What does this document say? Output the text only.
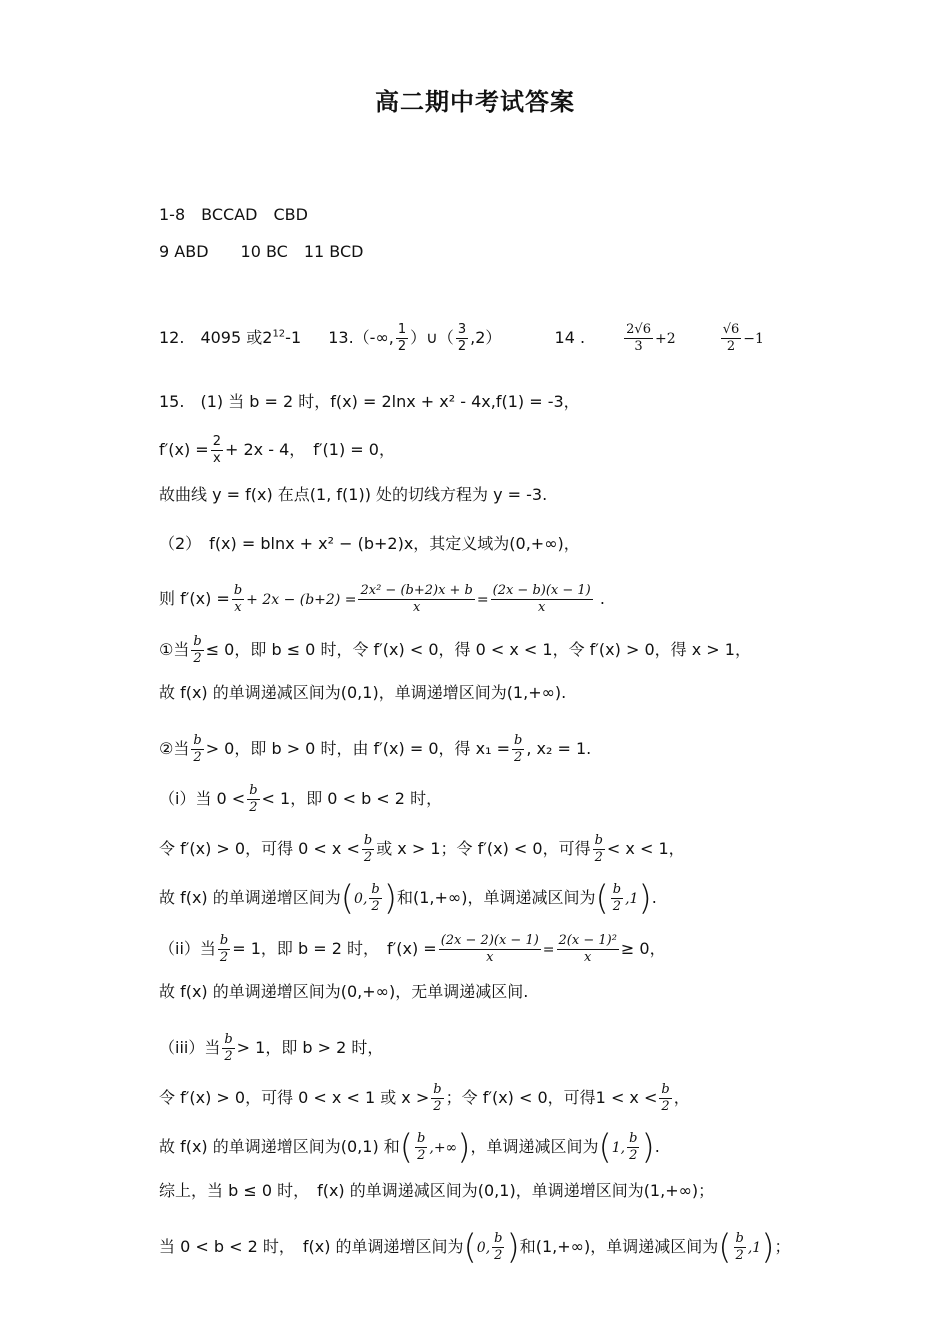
高二期中考试答案
1-8　BCCAD　CBD
9 ABD　　10 BC　11 BCD
12.　4095 或$2^{12}-1$ 13.（-∞, $\frac{1}{2}$ ）∪（ $\frac{3}{2} ,2$）	14 .	$\frac{2√6}{3} +2$	$\frac{√6}{2} -1$
15.　(1) 当 b = 2 时，f(x) = 2lnx + x² - 4x,f(1) = -3，
$f'(x) = \frac{2}{x} + 2x - 4$，　f′(1) = 0，
故曲线 y = f(x) 在点(1, f(1)) 处的切线方程为 y = -3.
（2）　f(x) = blnx + x² − (b+2)x，其定义域为(0,+∞)，
则 $f'(x) = \frac{b}{x} + 2x - (b+2) = \frac{\text{2x² − (b+2)x + b}}{x} = \frac{(2x - b)(x - 1)}{x}$ .
①当 $\frac{b}{2} \le 0$，即 b ≤ 0 时，令 f′(x) < 0，得 0 < x < 1，令 f′(x) > 0，得 x > 1，
故 f(x) 的单调递减区间为(0,1)，单调递增区间为(1,+∞).
②当 $\frac{b}{2} > 0$，即 b > 0 时，由 f′(x) = 0，得 $x_1 = \frac{b}{2}$ , x₂ = 1.
（i）当 $0 < \frac{b}{2} < 1$，即 0 < b < 2 时，
令 f′(x) > 0，可得 $0 < x < \frac{b}{2}$ 或 x > 1；令 f′(x) < 0，可得 $\frac{b}{2} < x < 1$，
故 f(x) 的单调递增区间为(0, $\frac{b}{2}$ )和(1,+∞)，单调递减区间为( $\frac{b}{2} ,1$).
（ii）当 $\frac{b}{2} = 1$，即 b = 2 时，　$f'(x) = \frac{(2x - 2)(x - 1)}{x} = \frac{\text{2(x − 1)²}}{x} \ge 0$，
故 f(x) 的单调递增区间为(0,+∞)，无单调递减区间.
（iii）当 $\frac{b}{2} > 1$，即 b > 2 时，
令 f′(x) > 0，可得 0 < x < 1 或 $x > \frac{b}{2}$ ；令 f′(x) < 0，可得$1 < x < \frac{b}{2}$ ，
故 f(x) 的单调递增区间为(0,1) 和( $\frac{b}{2}$ ,+∞)，单调递减区间为(1, $\frac{b}{2}$ ).
综上，当 b ≤ 0 时，　f(x) 的单调递减区间为(0,1)，单调递增区间为(1,+∞)；
当 0 < b < 2 时，　f(x) 的单调递增区间为(0, $\frac{b}{2}$ )和(1,+∞)，单调递减区间为( $\frac{b}{2} ,1$)；
